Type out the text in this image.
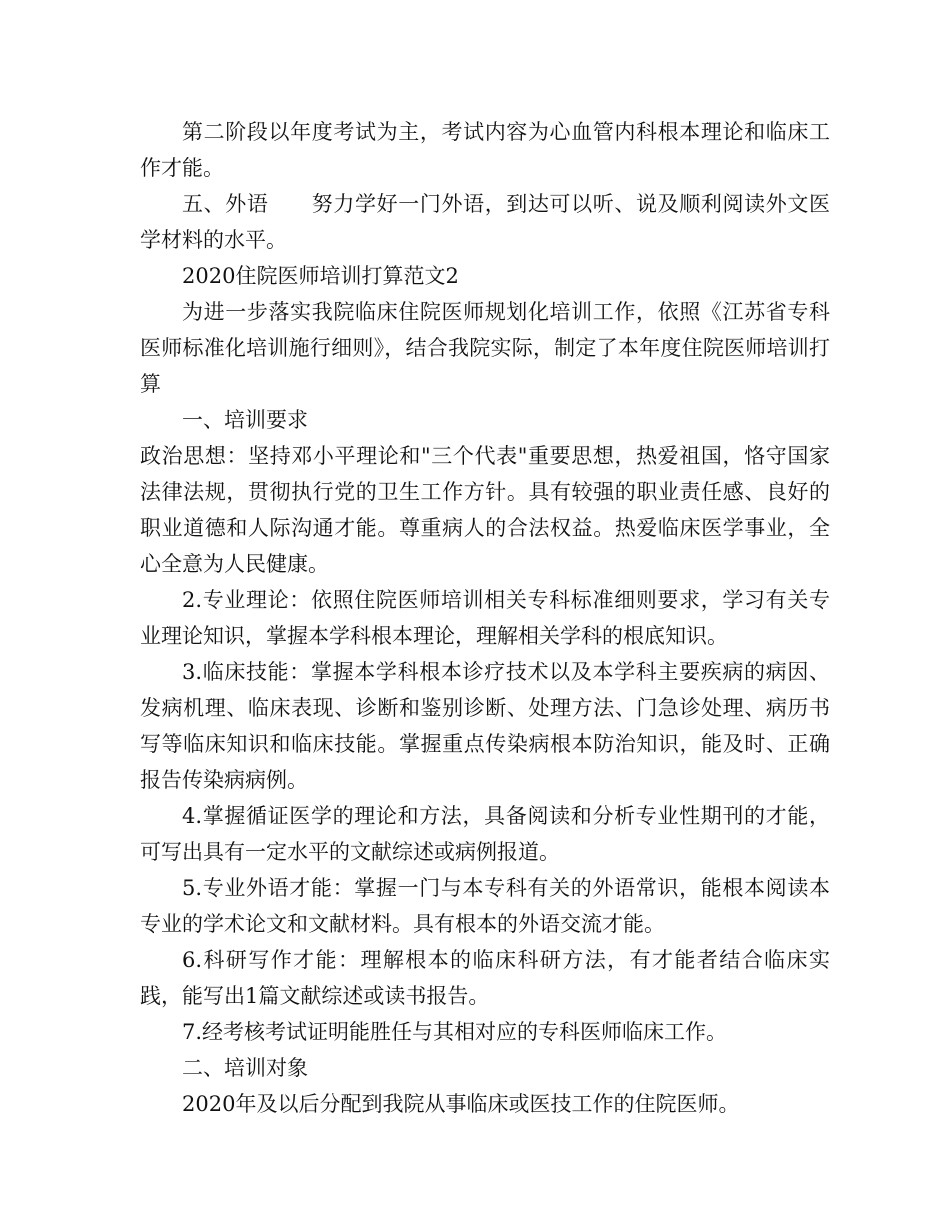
第二阶段以年度考试为主，考试内容为心血管内科根本理论和临床工作才能。

五、外语　　努力学好一门外语，到达可以听、说及顺利阅读外文医学材料的水平。

2020住院医师培训打算范文2

为进一步落实我院临床住院医师规划化培训工作，依照《江苏省专科医师标准化培训施行细则》，结合我院实际，制定了本年度住院医师培训打算

一、培训要求

政治思想：坚持邓小平理论和"三个代表"重要思想，热爱祖国，恪守国家法律法规，贯彻执行党的卫生工作方针。具有较强的职业责任感、良好的职业道德和人际沟通才能。尊重病人的合法权益。热爱临床医学事业，全心全意为人民健康。

2.专业理论：依照住院医师培训相关专科标准细则要求，学习有关专业理论知识，掌握本学科根本理论，理解相关学科的根底知识。

3.临床技能：掌握本学科根本诊疗技术以及本学科主要疾病的病因、发病机理、临床表现、诊断和鉴别诊断、处理方法、门急诊处理、病历书写等临床知识和临床技能。掌握重点传染病根本防治知识，能及时、正确报告传染病病例。

4.掌握循证医学的理论和方法，具备阅读和分析专业性期刊的才能，可写出具有一定水平的文献综述或病例报道。

5.专业外语才能：掌握一门与本专科有关的外语常识，能根本阅读本专业的学术论文和文献材料。具有根本的外语交流才能。

6.科研写作才能：理解根本的临床科研方法，有才能者结合临床实践，能写出1篇文献综述或读书报告。

7.经考核考试证明能胜任与其相对应的专科医师临床工作。

二、培训对象

2020年及以后分配到我院从事临床或医技工作的住院医师。
